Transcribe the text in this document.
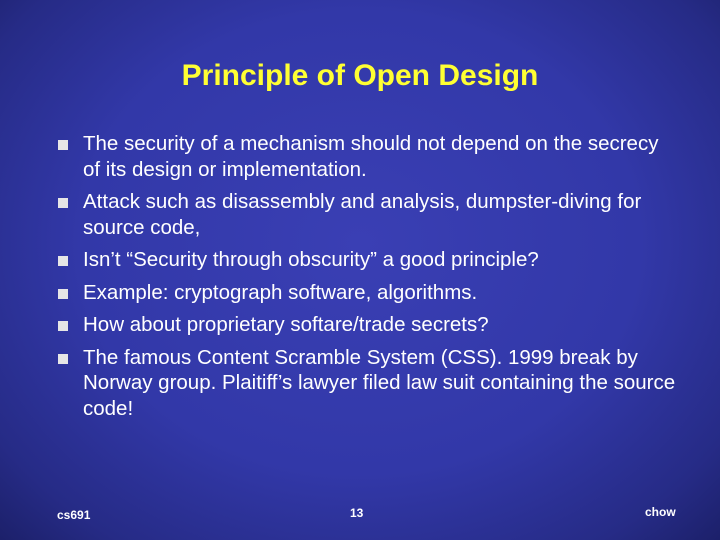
Principle of Open Design
The security of a mechanism should not depend on the secrecy of its design or implementation.
Attack such as disassembly and analysis, dumpster-diving for source code,
Isn’t “Security through obscurity” a good principle?
Example: cryptograph software, algorithms.
How about proprietary softare/trade secrets?
The famous Content Scramble System (CSS). 1999 break by Norway group. Plaitiff’s lawyer filed law suit containing the source code!
cs691	13	chow
